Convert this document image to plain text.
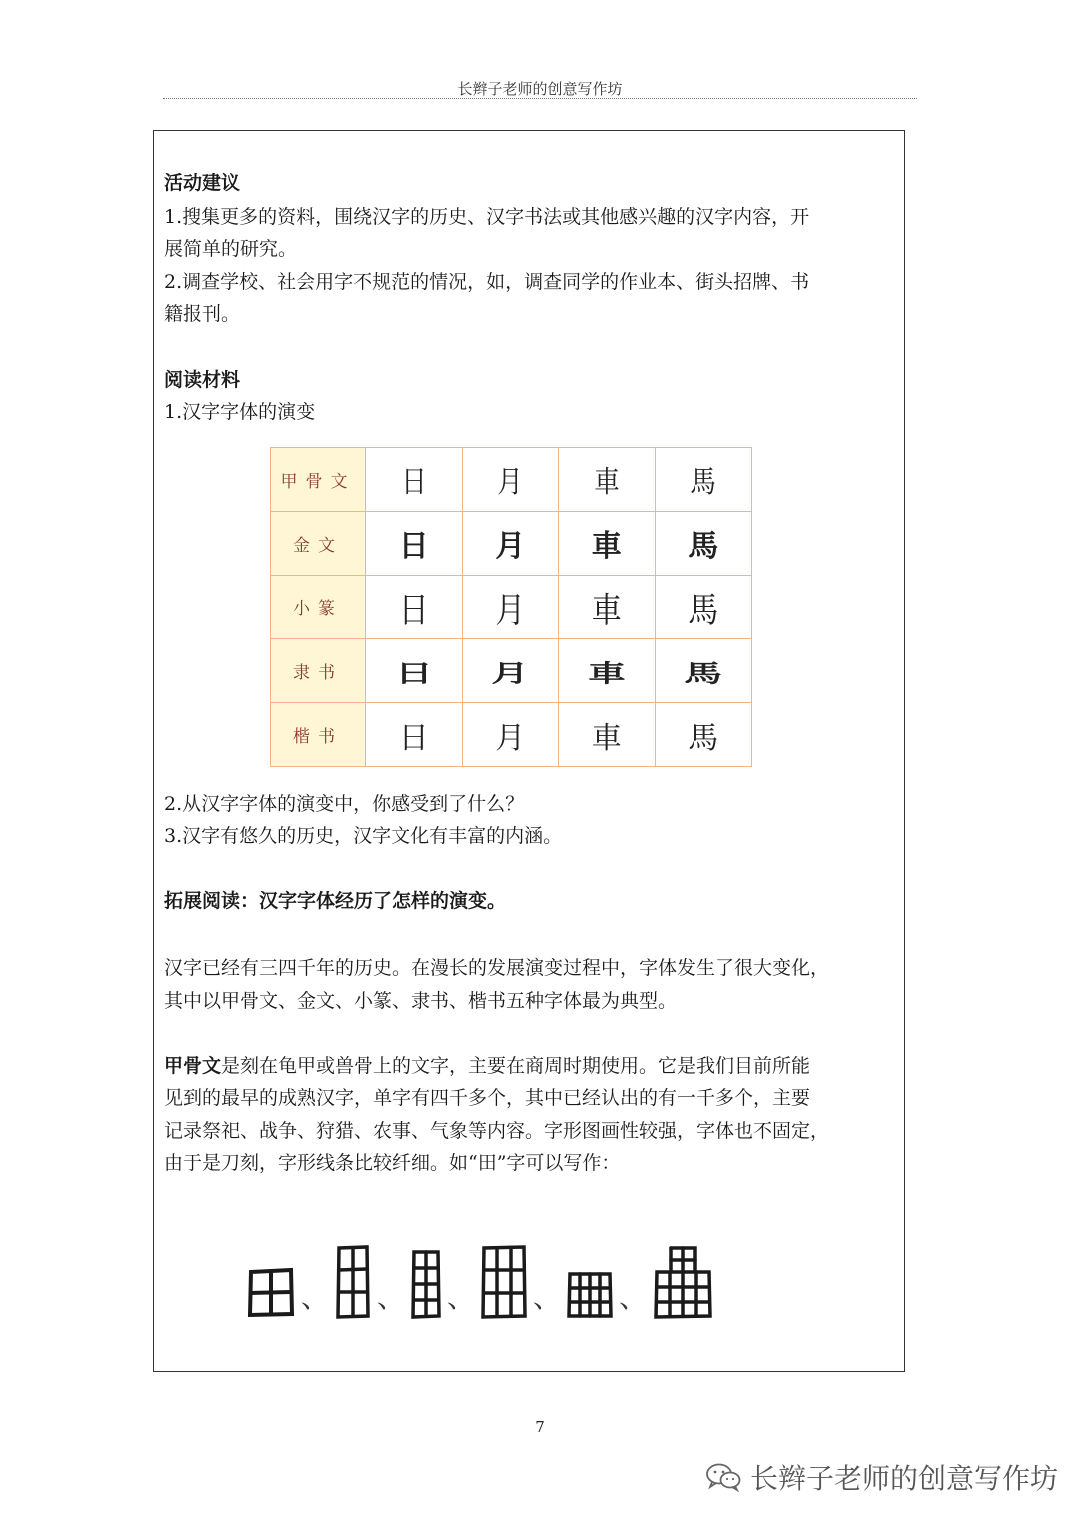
长辫子老师的创意写作坊
活动建议
1.搜集更多的资料，围绕汉字的历史、汉字书法或其他感兴趣的汉字内容，开
展简单的研究。
2.调查学校、社会用字不规范的情况，如，调查同学的作业本、街头招牌、书
籍报刊。
阅读材料
1.汉字字体的演变
甲骨文	日	月	車	馬
金文	日	月	車	馬
小篆	日	月	車	馬
隶书	日	月	車	馬
楷书	日	月	車	馬
2.从汉字字体的演变中，你感受到了什么？
3.汉字有悠久的历史，汉字文化有丰富的内涵。
拓展阅读：汉字字体经历了怎样的演变。
汉字已经有三四千年的历史。在漫长的发展演变过程中，字体发生了很大变化，
其中以甲骨文、金文、小篆、隶书、楷书五种字体最为典型。
甲骨文是刻在龟甲或兽骨上的文字，主要在商周时期使用。它是我们目前所能
见到的最早的成熟汉字，单字有四千多个，其中已经认出的有一千多个，主要
记录祭祀、战争、狩猎、农事、气象等内容。字形图画性较强，字体也不固定，
由于是刀刻，字形线条比较纤细。如“田”字可以写作：
、 、 、 、 、
7
长辫子老师的创意写作坊
